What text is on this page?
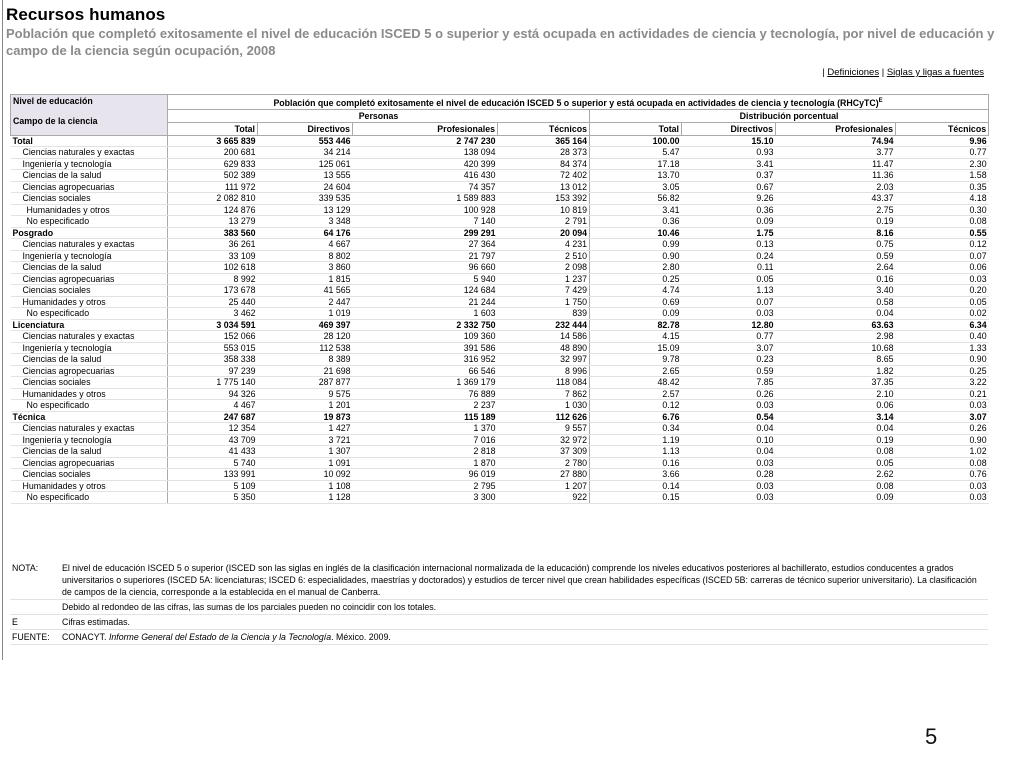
Recursos humanos
Población que completó exitosamente el nivel de educación ISCED 5 o superior y está ocupada en actividades de ciencia y tecnología, por nivel de educación y campo de la ciencia según ocupación, 2008
| Definiciones | Siglas y ligas a fuentes
Nivel de educación
Campo de la ciencia	Población que completó exitosamente el nivel de educación ISCED 5 o superior y está ocupada en actividades de ciencia y tecnología (RHCyTC)$^E$
	Personas				Distribución porcentual			
	Total	Directivos	Profesionales	Técnicos	Total	Directivos	Profesionales	Técnicos
Total	3 665 839	553 446	2 747 230	365 164	100.00	15.10	74.94	9.96
Ciencias naturales y exactas	200 681	34 214	138 094	28 373	5.47	0.93	3.77	0.77
Ingeniería y tecnología	629 833	125 061	420 399	84 374	17.18	3.41	11.47	2.30
Ciencias de la salud	502 389	13 555	416 430	72 402	13.70	0.37	11.36	1.58
Ciencias agropecuarias	111 972	24 604	74 357	13 012	3.05	0.67	2.03	0.35
Ciencias sociales	2 082 810	339 535	1 589 883	153 392	56.82	9.26	43.37	4.18
Humanidades y otros	124 876	13 129	100 928	10 819	3.41	0.36	2.75	0.30
No especificado	13 279	3 348	7 140	2 791	0.36	0.09	0.19	0.08
Posgrado	383 560	64 176	299 291	20 094	10.46	1.75	8.16	0.55
Ciencias naturales y exactas	36 261	4 667	27 364	4 231	0.99	0.13	0.75	0.12
Ingeniería y tecnología	33 109	8 802	21 797	2 510	0.90	0.24	0.59	0.07
Ciencias de la salud	102 618	3 860	96 660	2 098	2.80	0.11	2.64	0.06
Ciencias agropecuarias	8 992	1 815	5 940	1 237	0.25	0.05	0.16	0.03
Ciencias sociales	173 678	41 565	124 684	7 429	4.74	1.13	3.40	0.20
Humanidades y otros	25 440	2 447	21 244	1 750	0.69	0.07	0.58	0.05
No especificado	3 462	1 019	1 603	839	0.09	0.03	0.04	0.02
Licenciatura	3 034 591	469 397	2 332 750	232 444	82.78	12.80	63.63	6.34
Ciencias naturales y exactas	152 066	28 120	109 360	14 586	4.15	0.77	2.98	0.40
Ingeniería y tecnología	553 015	112 538	391 586	48 890	15.09	3.07	10.68	1.33
Ciencias de la salud	358 338	8 389	316 952	32 997	9.78	0.23	8.65	0.90
Ciencias agropecuarias	97 239	21 698	66 546	8 996	2.65	0.59	1.82	0.25
Ciencias sociales	1 775 140	287 877	1 369 179	118 084	48.42	7.85	37.35	3.22
Humanidades y otros	94 326	9 575	76 889	7 862	2.57	0.26	2.10	0.21
No especificado	4 467	1 201	2 237	1 030	0.12	0.03	0.06	0.03
Técnica	247 687	19 873	115 189	112 626	6.76	0.54	3.14	3.07
Ciencias naturales y exactas	12 354	1 427	1 370	9 557	0.34	0.04	0.04	0.26
Ingeniería y tecnología	43 709	3 721	7 016	32 972	1.19	0.10	0.19	0.90
Ciencias de la salud	41 433	1 307	2 818	37 309	1.13	0.04	0.08	1.02
Ciencias agropecuarias	5 740	1 091	1 870	2 780	0.16	0.03	0.05	0.08
Ciencias sociales	133 991	10 092	96 019	27 880	3.66	0.28	2.62	0.76
Humanidades y otros	5 109	1 108	2 795	1 207	0.14	0.03	0.08	0.03
No especificado	5 350	1 128	3 300	922	0.15	0.03	0.09	0.03
NOTA:	El nivel de educación ISCED 5 o superior (ISCED son las siglas en inglés de la clasificación internacional normalizada de la educación) comprende los niveles educativos posteriores al bachillerato, estudios conducentes a grados universitarios o superiores (ISCED 5A: licenciaturas; ISCED 6: especialidades, maestrías y doctorados) y estudios de tercer nivel que crean habilidades específicas (ISCED 5B: carreras de técnico superior universitario). La clasificación de campos de la ciencia, corresponde a la establecida en el manual de Canberra.
	Debido al redondeo de las cifras, las sumas de los parciales pueden no coincidir con los totales.
E	Cifras estimadas.
FUENTE:	CONACYT. Informe General del Estado de la Ciencia y la Tecnología. México. 2009.
5
